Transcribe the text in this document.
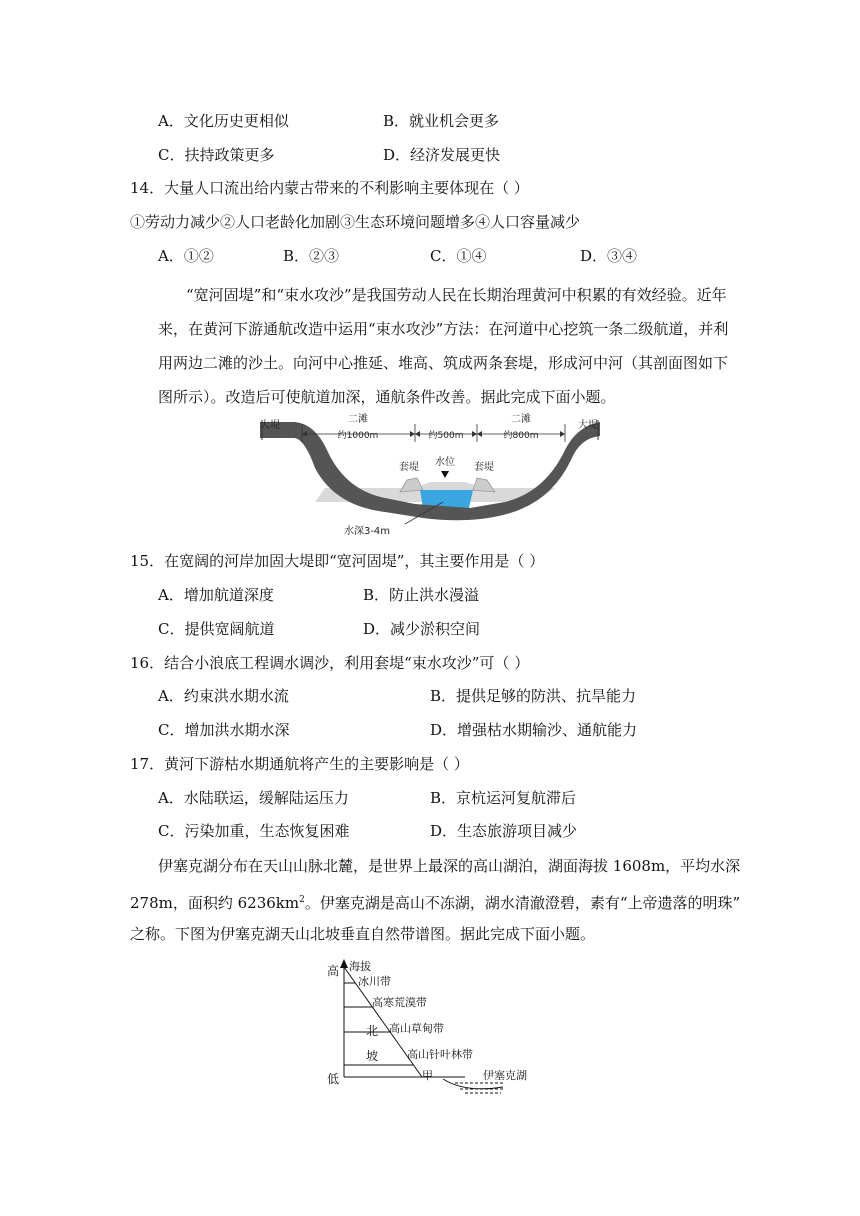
A．文化历史更相似	B．就业机会更多
C．扶持政策更多	D．经济发展更快
14．大量人口流出给内蒙古带来的不利影响主要体现在（ ）
①劳动力减少②人口老龄化加剧③生态环境问题增多④人口容量减少
A．①②	B．②③	C．①④	D．③④
“宽河固堤”和“束水攻沙”是我国劳动人民在长期治理黄河中积累的有效经验。近年来，在黄河下游通航改造中运用“束水攻沙”方法：在河道中心挖筑一条二级航道，并利用两边二滩的沙土。向河中心推延、堆高、筑成两条套堤，形成河中河（其剖面图如下图所示）。改造后可使航道加深，通航条件改善。据此完成下面小题。
大堤	大堤
二滩	二滩
约1000m	约500m	约800m
套堤	套堤
水位
水深3-4m
15．在宽阔的河岸加固大堤即“宽河固堤”，其主要作用是（ ）
A．增加航道深度	B．防止洪水漫溢
C．提供宽阔航道	D．减少淤积空间
16．结合小浪底工程调水调沙，利用套堤“束水攻沙”可（ ）
A．约束洪水期水流	B．提供足够的防洪、抗旱能力
C．增加洪水期水深	D．增强枯水期输沙、通航能力
17．黄河下游枯水期通航将产生的主要影响是（ ）
A．水陆联运，缓解陆运压力	B．京杭运河复航滞后
C．污染加重，生态恢复困难	D．生态旅游项目减少
伊塞克湖分布在天山山脉北麓，是世界上最深的高山湖泊，湖面海拔 1608m，平均水深
278m，面积约 $6236km^2$。伊塞克湖是高山不冻湖，湖水清澈澄碧，素有“上帝遗落的明珠”
之称。下图为伊塞克湖天山北坡垂直自然带谱图。据此完成下面小题。
高
低
海拔
冰川带
高寒荒漠带
高山草甸带
高山针叶林带
北
坡
甲	伊塞克湖
